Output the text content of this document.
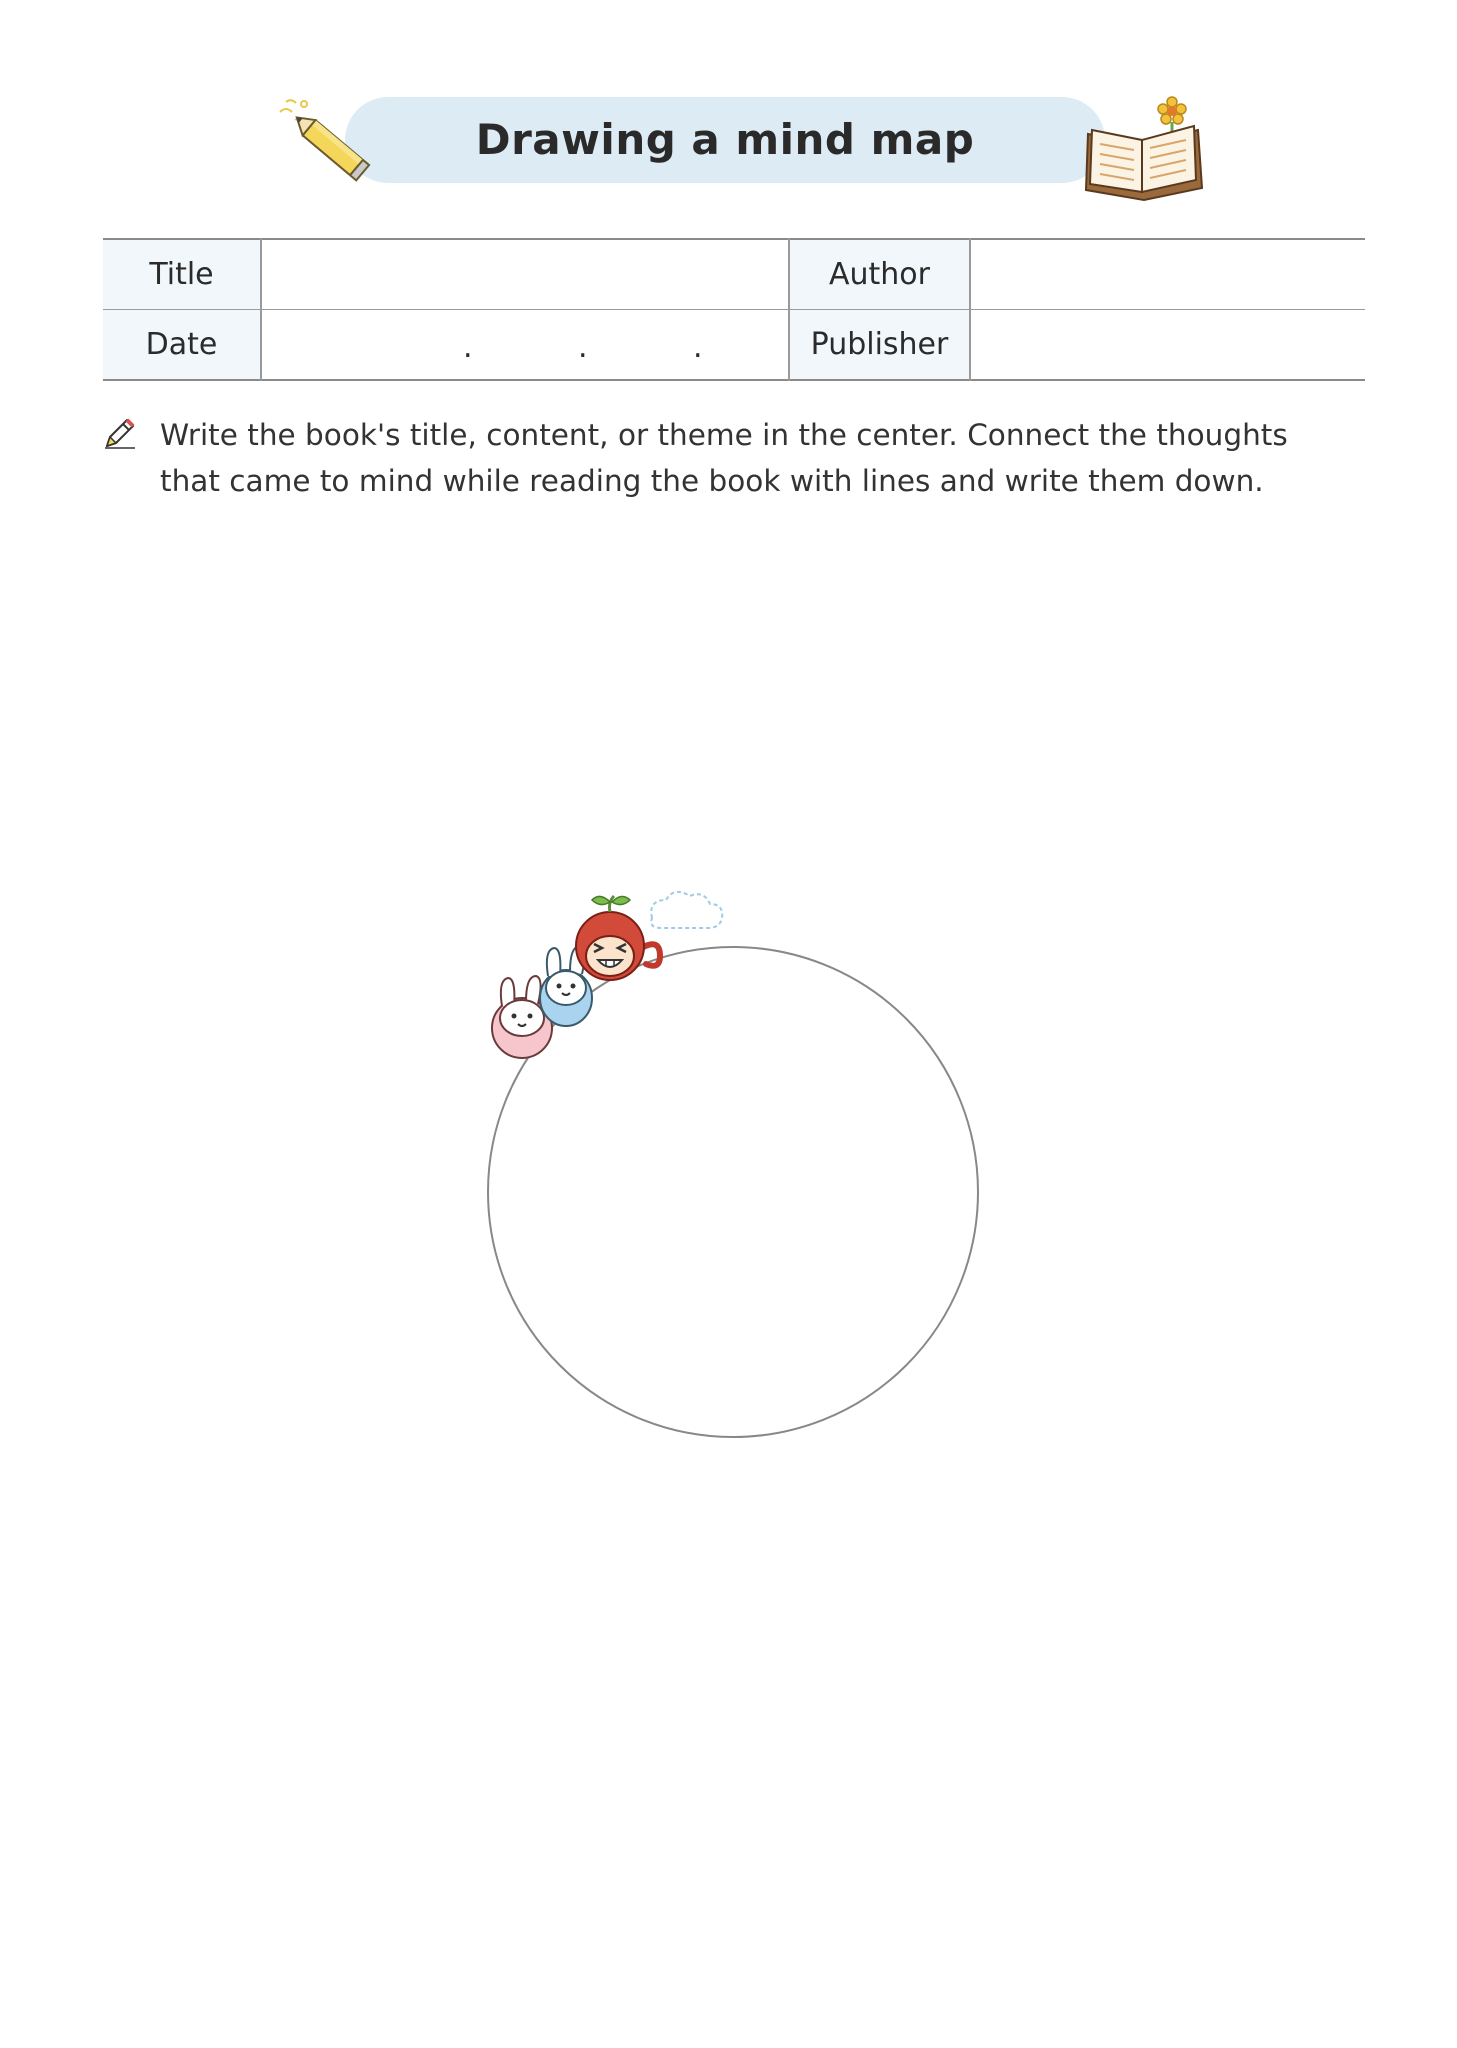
Drawing a mind map
Title		Author	
Date	. . .	Publisher	
Write the book's title, content, or theme in the center. Connect the thoughts
that came to mind while reading the book with lines and write them down.
